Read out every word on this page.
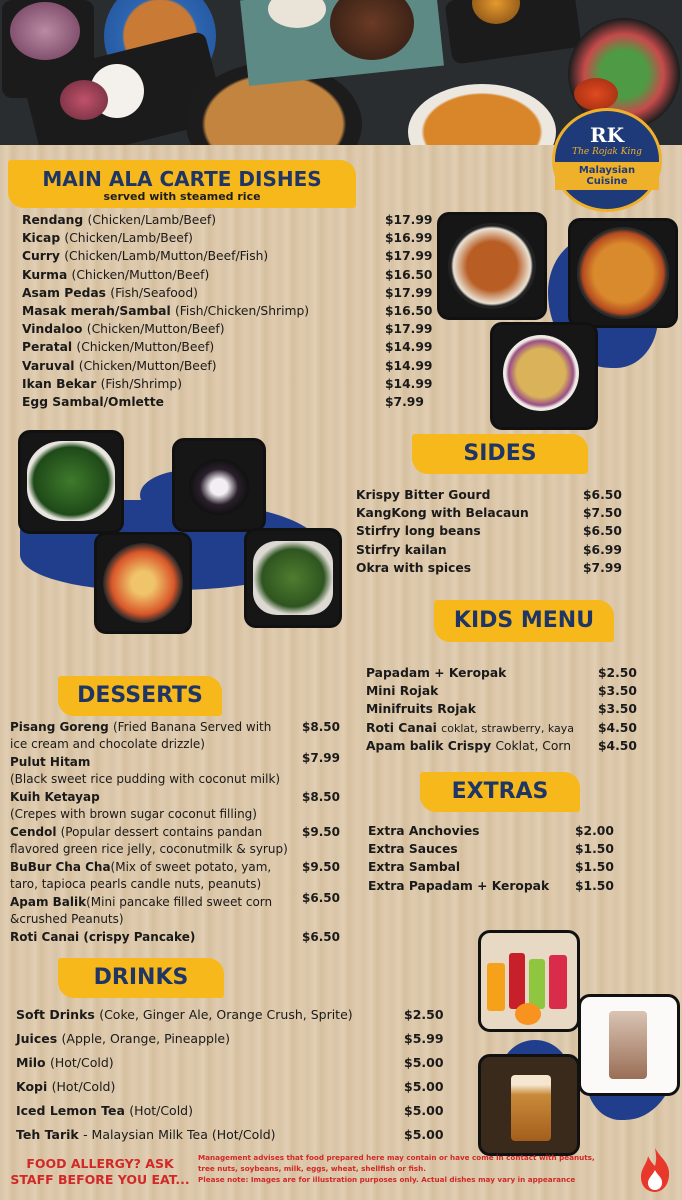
RK
The Rojak King
Malaysian
Cuisine
MAIN ALA CARTE DISHES
served with steamed rice
Rendang (Chicken/Lamb/Beef)	$17.99
Kicap (Chicken/Lamb/Beef)	$16.99
Curry (Chicken/Lamb/Mutton/Beef/Fish)	$17.99
Kurma (Chicken/Mutton/Beef)	$16.50
Asam Pedas (Fish/Seafood)	$17.99
Masak merah/Sambal (Fish/Chicken/Shrimp)	$16.50
Vindaloo (Chicken/Mutton/Beef)	$17.99
Peratal (Chicken/Mutton/Beef)	$14.99
Varuval (Chicken/Mutton/Beef)	$14.99
Ikan Bekar (Fish/Shrimp)	$14.99
Egg Sambal/Omlette	$7.99
SIDES
Krispy Bitter Gourd	$6.50
KangKong with Belacaun	$7.50
Stirfry long beans	$6.50
Stirfry kailan	$6.99
Okra with spices	$7.99
KIDS MENU
Papadam + Keropak	$2.50
Mini Rojak	$3.50
Minifruits Rojak	$3.50
Roti Canai coklat, strawberry, kaya $4.50
Apam balik Crispy Coklat, Corn $4.50
EXTRAS
Extra Anchovies	$2.00
Extra Sauces	$1.50
Extra Sambal	$1.50
Extra Papadam + Keropak $1.50
DESSERTS
Pisang Goreng (Fried Banana Served with
ice cream and chocolate drizzle)
$8.50
Pulut Hitam
(Black sweet rice pudding with coconut milk)
$7.99
Kuih Ketayap
(Crepes with brown sugar coconut filling)
$8.50
Cendol (Popular dessert contains pandan
flavored green rice jelly, coconutmilk & syrup)
$9.50
BuBur Cha Cha(Mix of sweet potato, yam,
taro, tapioca pearls candle nuts, peanuts)
$9.50
Apam Balik(Mini pancake filled sweet corn
&crushed Peanuts)
$6.50
Roti Canai (crispy Pancake)	$6.50
DRINKS
Soft Drinks (Coke, Ginger Ale, Orange Crush, Sprite)	$2.50
Juices (Apple, Orange, Pineapple)	$5.99
Milo (Hot/Cold)	$5.00
Kopi (Hot/Cold)	$5.00
Iced Lemon Tea (Hot/Cold)	$5.00
Teh Tarik - Malaysian Milk Tea (Hot/Cold)	$5.00
FOOD ALLERGY? ASK
STAFF BEFORE YOU EAT...
Management advises that food prepared here may contain or have come in contact with peanuts,
tree nuts, soybeans, milk, eggs, wheat, shellfish or fish.
Please note: Images are for illustration purposes only. Actual dishes may vary in appearance
